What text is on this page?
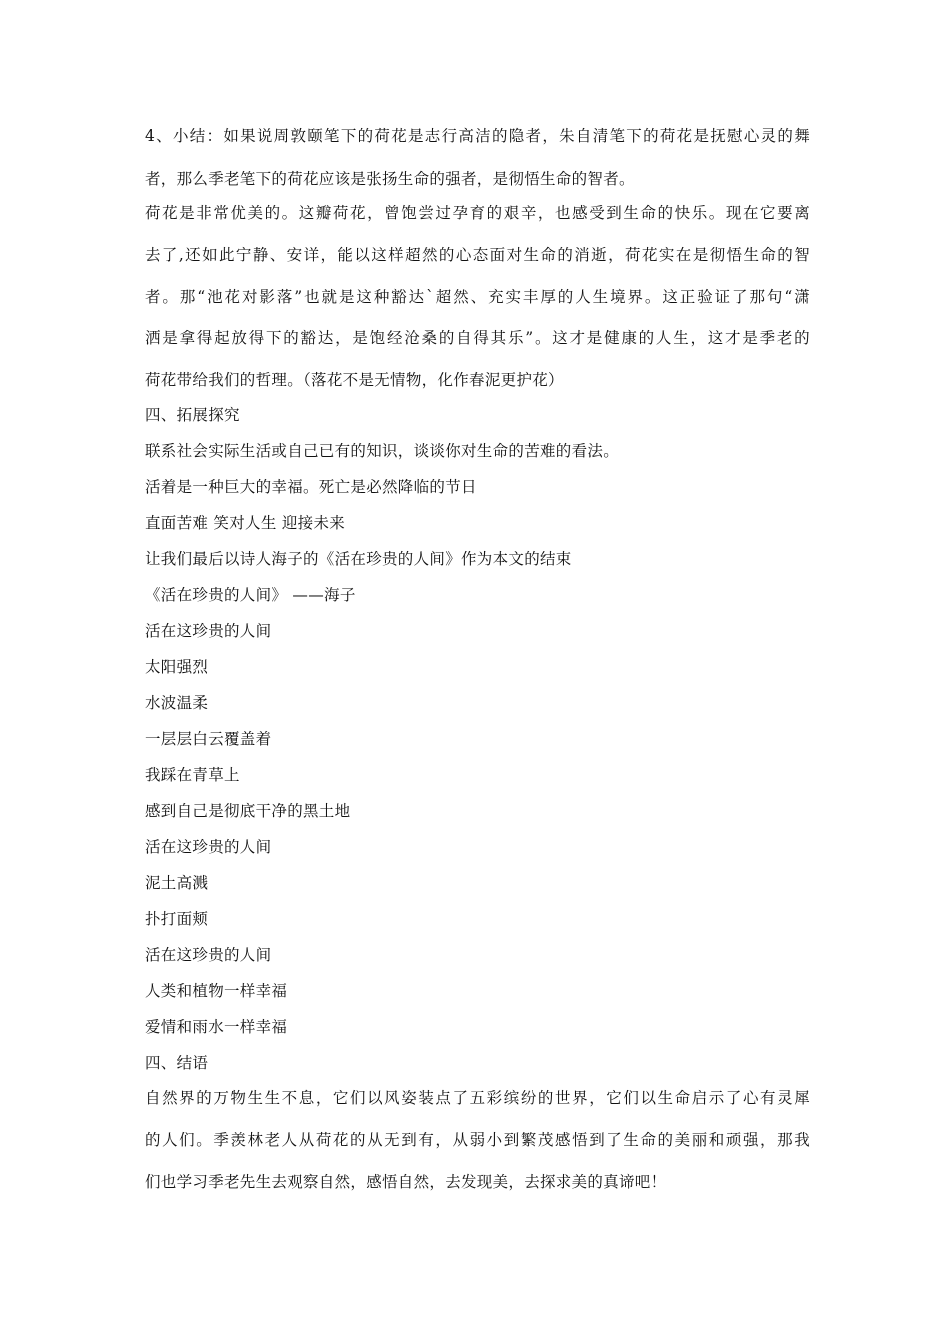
4、小结：如果说周敦颐笔下的荷花是志行高洁的隐者，朱自清笔下的荷花是抚慰心灵的舞
者，那么季老笔下的荷花应该是张扬生命的强者，是彻悟生命的智者。
荷花是非常优美的。这瓣荷花，曾饱尝过孕育的艰辛，也感受到生命的快乐。现在它要离
去了,还如此宁静、安详，能以这样超然的心态面对生命的消逝，荷花实在是彻悟生命的智
者。那“池花对影落”也就是这种豁达`超然、充实丰厚的人生境界。这正验证了那句“潇
洒是拿得起放得下的豁达，是饱经沧桑的自得其乐”。这才是健康的人生，这才是季老的
荷花带给我们的哲理。（落花不是无情物，化作春泥更护花）
四、拓展探究
联系社会实际生活或自己已有的知识，谈谈你对生命的苦难的看法。
活着是一种巨大的幸福。死亡是必然降临的节日
直面苦难 笑对人生 迎接未来
让我们最后以诗人海子的《活在珍贵的人间》作为本文的结束
《活在珍贵的人间》 ——海子
活在这珍贵的人间
太阳强烈
水波温柔
一层层白云覆盖着
我踩在青草上
感到自己是彻底干净的黑土地
活在这珍贵的人间
泥土高溅
扑打面颊
活在这珍贵的人间
人类和植物一样幸福
爱情和雨水一样幸福
四、结语
自然界的万物生生不息，它们以风姿装点了五彩缤纷的世界，它们以生命启示了心有灵犀
的人们。季羡林老人从荷花的从无到有，从弱小到繁茂感悟到了生命的美丽和顽强，那我
们也学习季老先生去观察自然，感悟自然，去发现美，去探求美的真谛吧！
